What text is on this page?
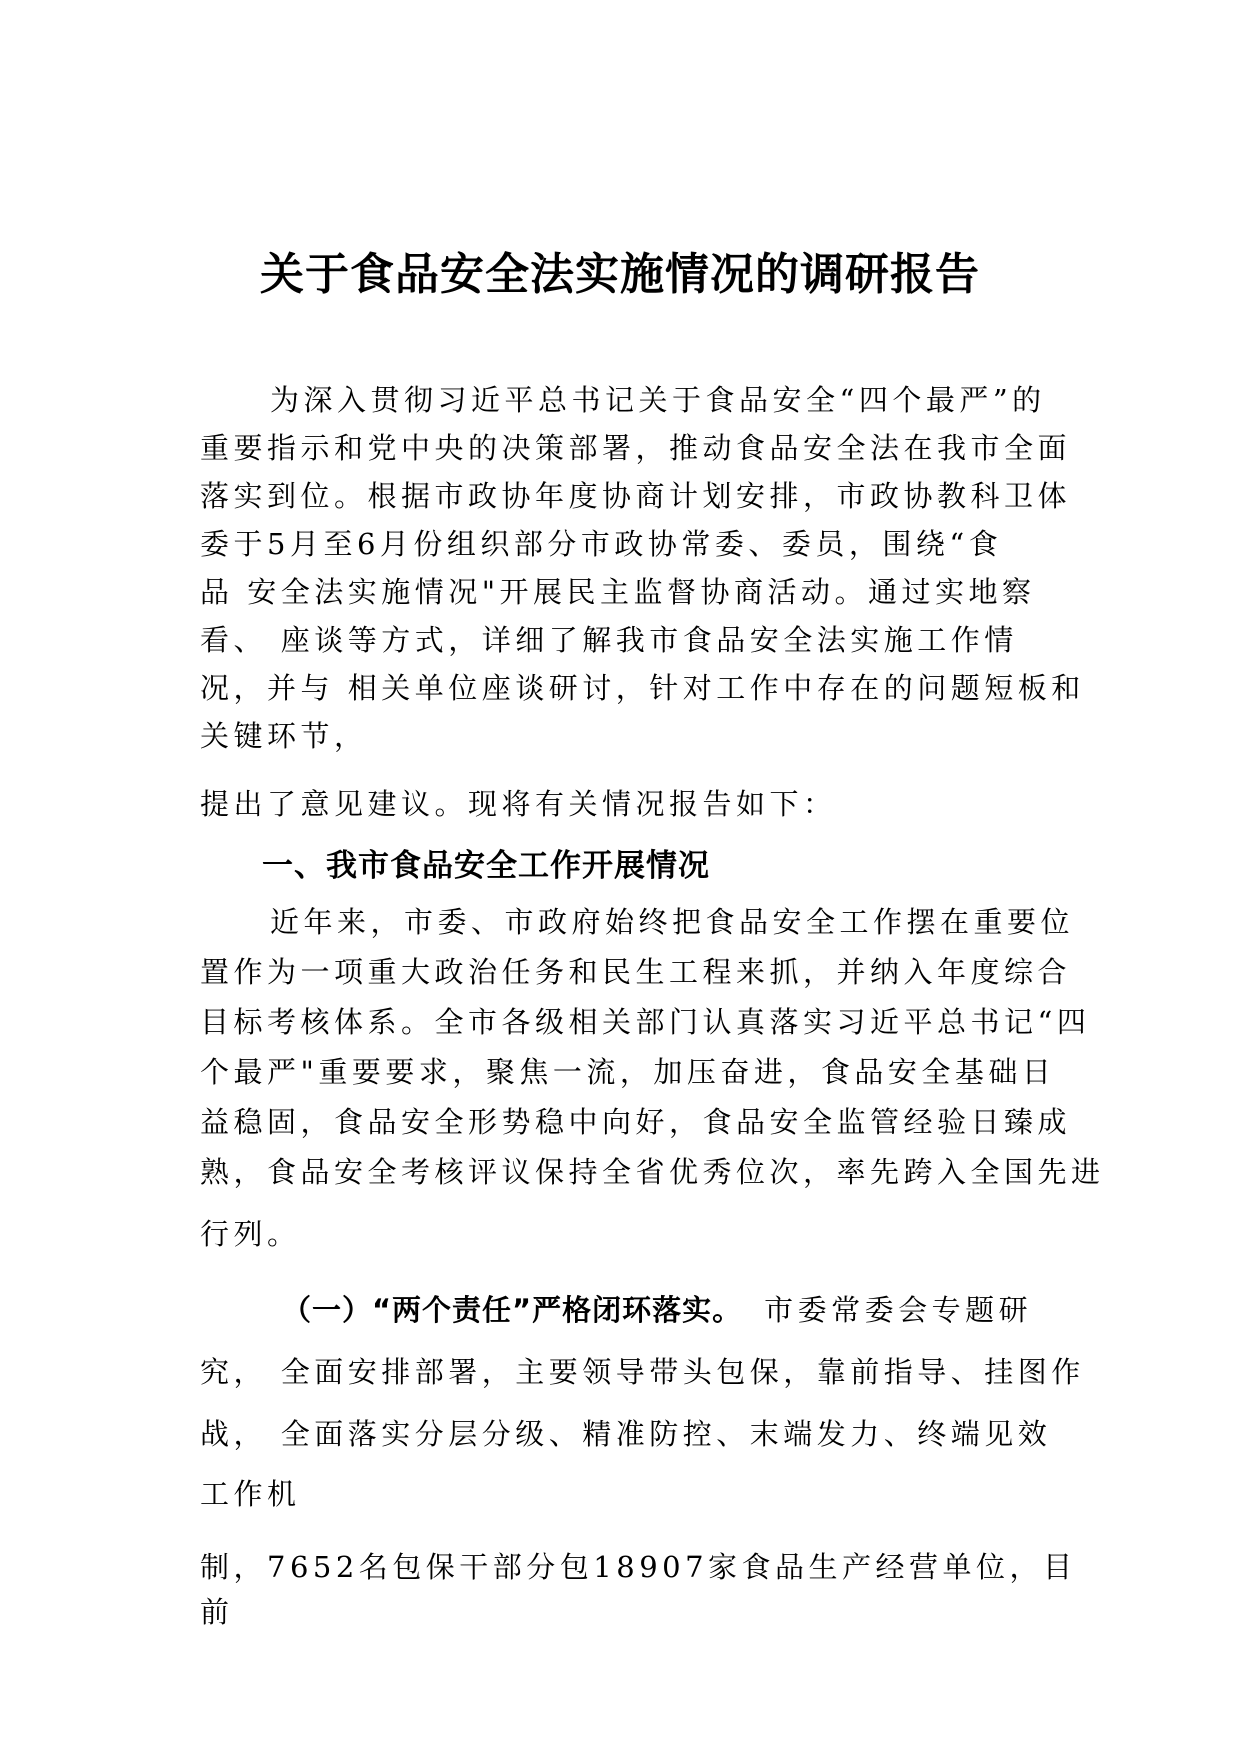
关于食品安全法实施情况的调研报告
为深入贯彻习近平总书记关于食品安全“四个最严”的
重要指示和党中央的决策部署，推动食品安全法在我市全面
落实到位。根据市政协年度协商计划安排，市政协教科卫体
委于5月至6月份组织部分市政协常委、委员，围绕“食
品 安全法实施情况"开展民主监督协商活动。通过实地察
看、 座谈等方式，详细了解我市食品安全法实施工作情
况，并与 相关单位座谈研讨，针对工作中存在的问题短板和
关键环节，
提出了意见建议。现将有关情况报告如下：
一、我市食品安全工作开展情况
近年来，市委、市政府始终把食品安全工作摆在重要位
置作为一项重大政治任务和民生工程来抓，并纳入年度综合
目标考核体系。全市各级相关部门认真落实习近平总书记“四
个最严"重要要求，聚焦一流，加压奋进，食品安全基础日
益稳固，食品安全形势稳中向好，食品安全监管经验日臻成
熟，食品安全考核评议保持全省优秀位次，率先跨入全国先进
行列。
（一）“两个责任”严格闭环落实。 市委常委会专题研
究， 全面安排部署，主要领导带头包保，靠前指导、挂图作
战， 全面落实分层分级、精准防控、末端发力、终端见效
工作机
制，7652名包保干部分包18907家食品生产经营单位，目
前
